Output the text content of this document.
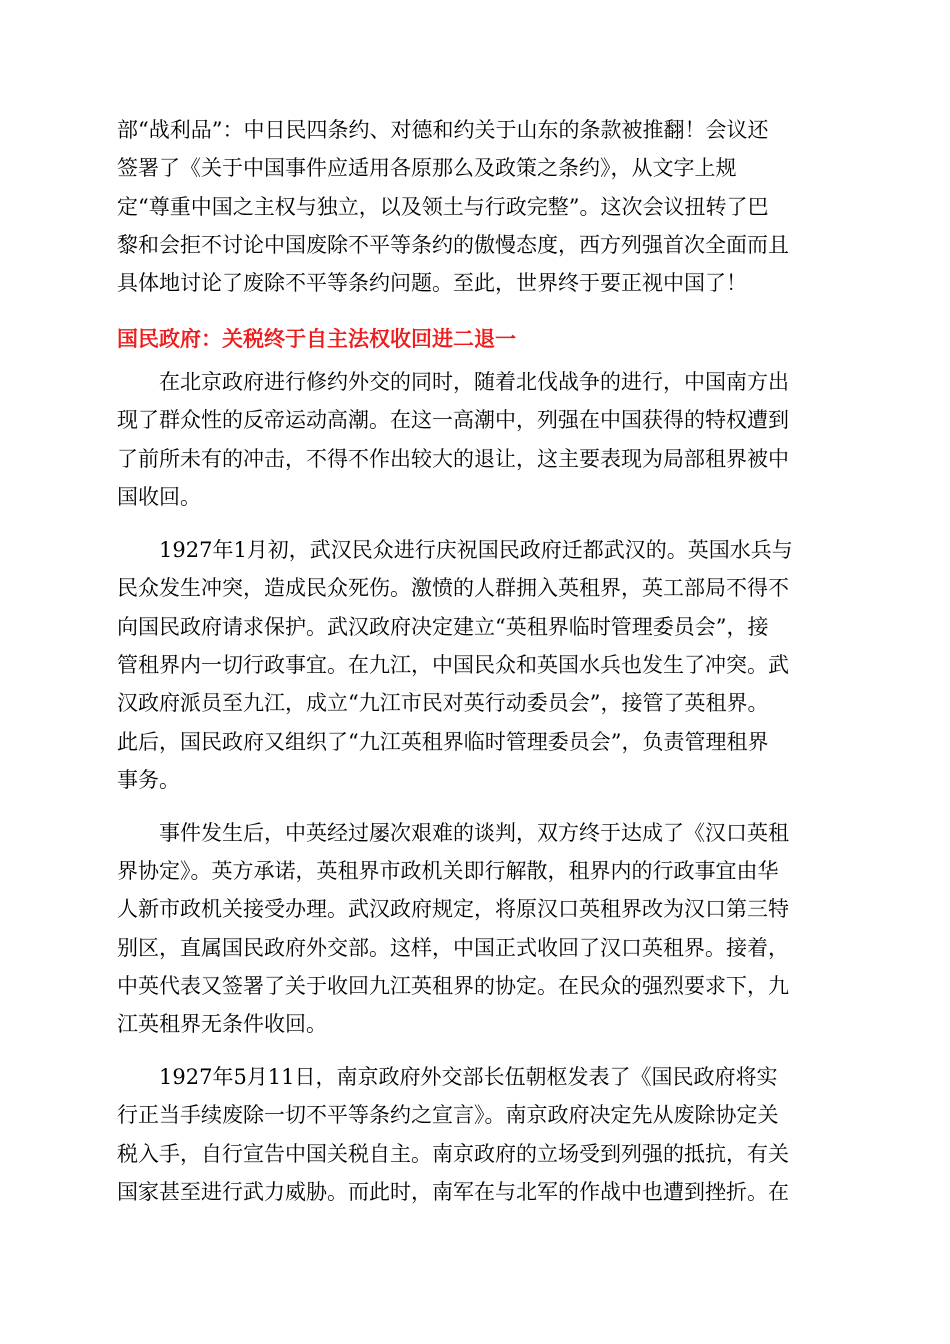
部“战利品”：中日民四条约、对德和约关于山东的条款被推翻！会议还

签署了《关于中国事件应适用各原那么及政策之条约》，从文字上规

定“尊重中国之主权与独立，以及领土与行政完整”。这次会议扭转了巴

黎和会拒不讨论中国废除不平等条约的傲慢态度，西方列强首次全面而且

具体地讨论了废除不平等条约问题。至此，世界终于要正视中国了！

国民政府：关税终于自主法权收回进二退一

在北京政府进行修约外交的同时，随着北伐战争的进行，中国南方出

现了群众性的反帝运动高潮。在这一高潮中，列强在中国获得的特权遭到

了前所未有的冲击，不得不作出较大的退让，这主要表现为局部租界被中

国收回。

1927年1月初，武汉民众进行庆祝国民政府迁都武汉的。英国水兵与

民众发生冲突，造成民众死伤。激愤的人群拥入英租界，英工部局不得不

向国民政府请求保护。武汉政府决定建立“英租界临时管理委员会”，接

管租界内一切行政事宜。在九江，中国民众和英国水兵也发生了冲突。武

汉政府派员至九江，成立“九江市民对英行动委员会”，接管了英租界。

此后，国民政府又组织了“九江英租界临时管理委员会”，负责管理租界

事务。

事件发生后，中英经过屡次艰难的谈判，双方终于达成了《汉口英租

界协定》。英方承诺，英租界市政机关即行解散，租界内的行政事宜由华

人新市政机关接受办理。武汉政府规定，将原汉口英租界改为汉口第三特

别区，直属国民政府外交部。这样，中国正式收回了汉口英租界。接着，

中英代表又签署了关于收回九江英租界的协定。在民众的强烈要求下，九

江英租界无条件收回。

1927年5月11日，南京政府外交部长伍朝枢发表了《国民政府将实

行正当手续废除一切不平等条约之宣言》。南京政府决定先从废除协定关

税入手，自行宣告中国关税自主。南京政府的立场受到列强的抵抗，有关

国家甚至进行武力威胁。而此时，南军在与北军的作战中也遭到挫折。在
